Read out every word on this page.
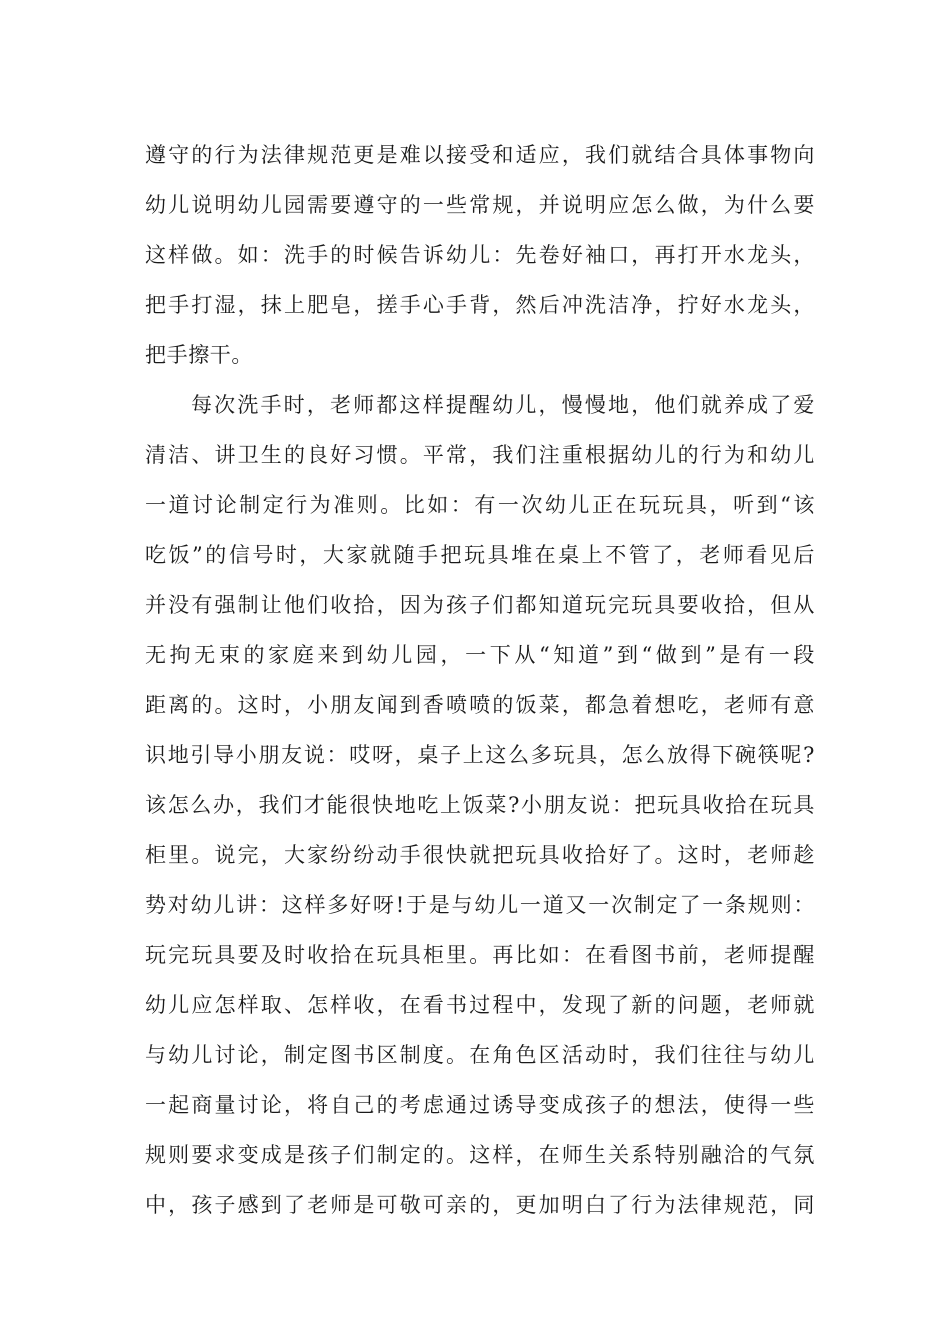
遵守的行为法律规范更是难以接受和适应，我们就结合具体事物向
幼儿说明幼儿园需要遵守的一些常规，并说明应怎么做，为什么要
这样做。如：洗手的时候告诉幼儿：先卷好袖口，再打开水龙头，
把手打湿，抹上肥皂，搓手心手背，然后冲洗洁净，拧好水龙头，
把手擦干。
每次洗手时，老师都这样提醒幼儿，慢慢地，他们就养成了爱
清洁、讲卫生的良好习惯。平常，我们注重根据幼儿的行为和幼儿
一道讨论制定行为准则。比如：有一次幼儿正在玩玩具，听到“该
吃饭”的信号时，大家就随手把玩具堆在桌上不管了，老师看见后
并没有强制让他们收拾，因为孩子们都知道玩完玩具要收拾，但从
无拘无束的家庭来到幼儿园，一下从“知道”到“做到”是有一段
距离的。这时，小朋友闻到香喷喷的饭菜，都急着想吃，老师有意
识地引导小朋友说：哎呀，桌子上这么多玩具，怎么放得下碗筷呢?
该怎么办，我们才能很快地吃上饭菜?小朋友说：把玩具收拾在玩具
柜里。说完，大家纷纷动手很快就把玩具收拾好了。这时，老师趁
势对幼儿讲：这样多好呀!于是与幼儿一道又一次制定了一条规则：
玩完玩具要及时收拾在玩具柜里。再比如：在看图书前，老师提醒
幼儿应怎样取、怎样收，在看书过程中，发现了新的问题，老师就
与幼儿讨论，制定图书区制度。在角色区活动时，我们往往与幼儿
一起商量讨论，将自己的考虑通过诱导变成孩子的想法，使得一些
规则要求变成是孩子们制定的。这样，在师生关系特别融洽的气氛
中，孩子感到了老师是可敬可亲的，更加明白了行为法律规范，同
